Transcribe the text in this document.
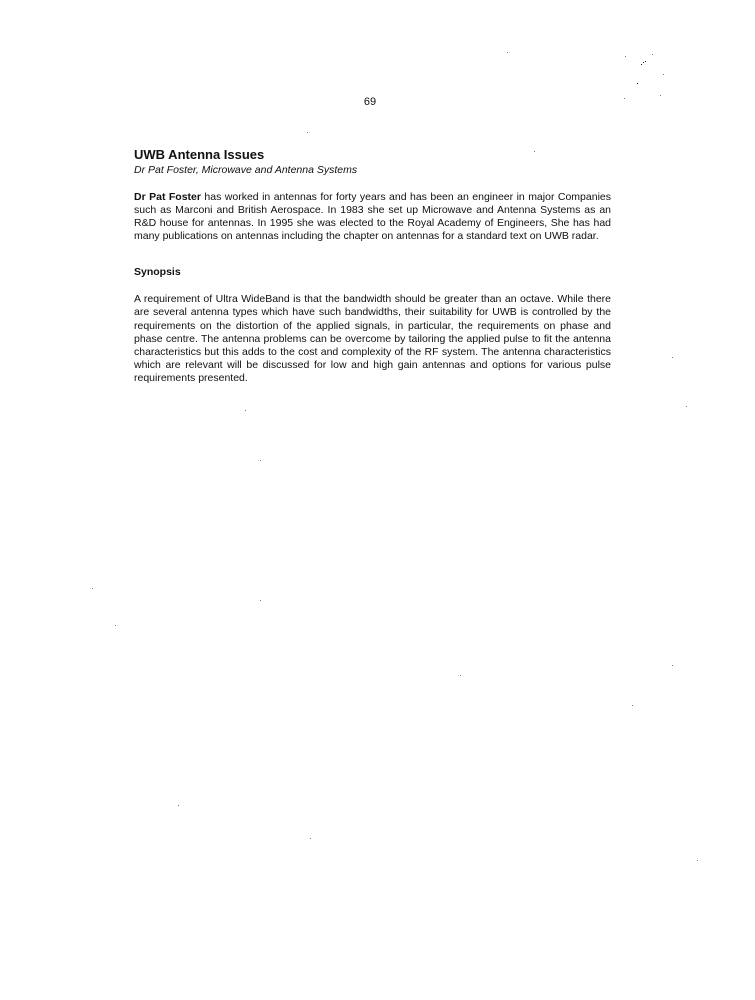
69
UWB Antenna Issues

Dr Pat Foster, Microwave and Antenna Systems

Dr Pat Foster has worked in antennas for forty years and has been an engineer in major Companies such as Marconi and British Aerospace. In 1983 she set up Microwave and Antenna Systems as an R&D house for antennas. In 1995 she was elected to the Royal Academy of Engineers, She has had many publications on antennas including the chapter on antennas for a standard text on UWB radar.

Synopsis

A requirement of Ultra WideBand is that the bandwidth should be greater than an octave. While there are several antenna types which have such bandwidths, their suitability for UWB is controlled by the requirements on the distortion of the applied signals, in particular, the requirements on phase and phase centre. The antenna problems can be overcome by tailoring the applied pulse to fit the antenna characteristics but this adds to the cost and complexity of the RF system. The antenna characteristics which are relevant will be discussed for low and high gain antennas and options for various pulse requirements presented.
